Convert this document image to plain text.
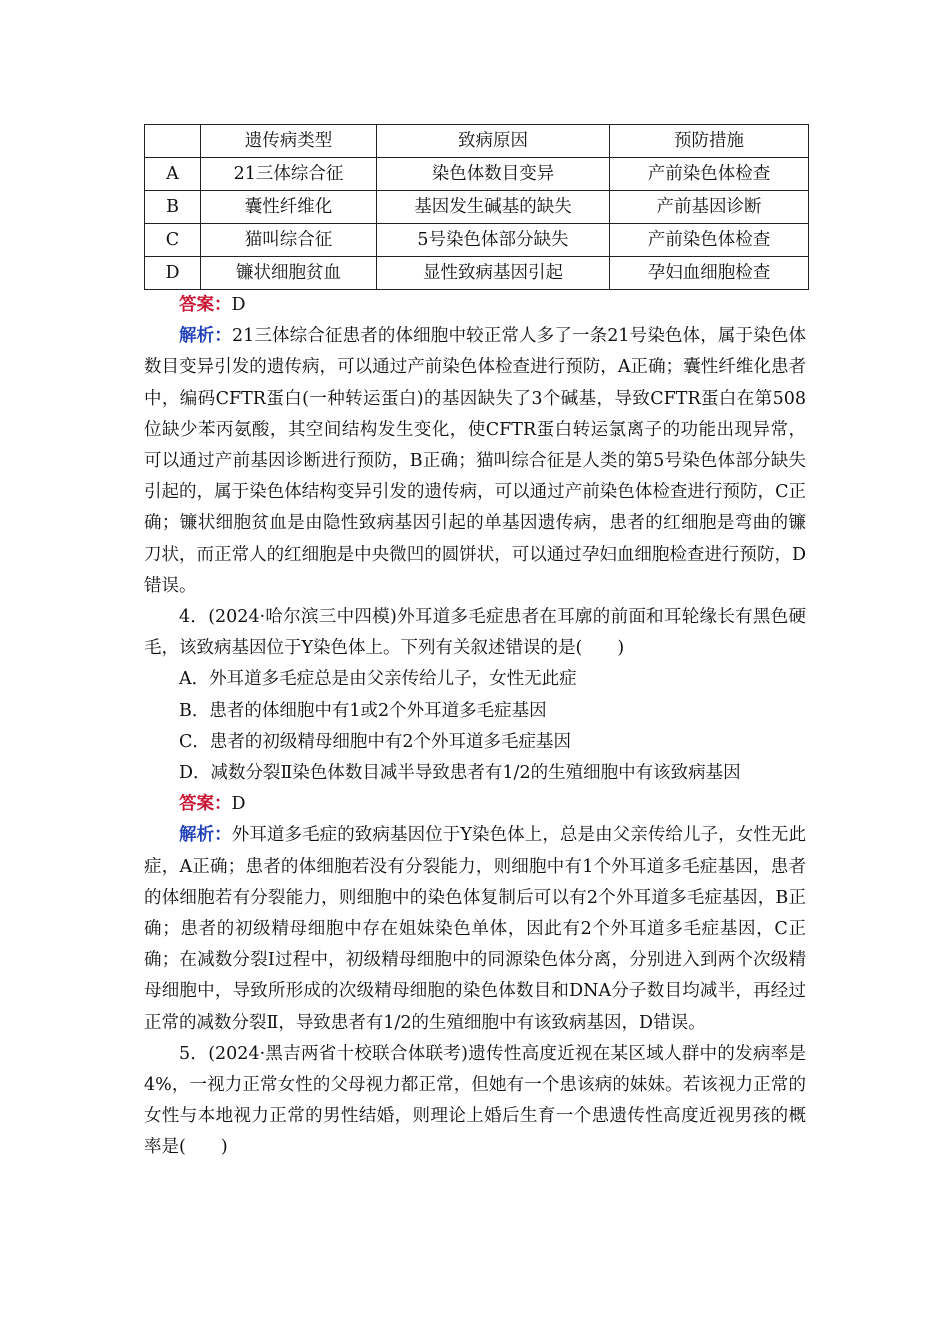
	遗传病类型	致病原因	预防措施
A	21三体综合征	染色体数目变异	产前染色体检查
B	囊性纤维化	基因发生碱基的缺失	产前基因诊断
C	猫叫综合征	5号染色体部分缺失	产前染色体检查
D	镰状细胞贫血	显性致病基因引起	孕妇血细胞检查

答案：D

解析：21三体综合征患者的体细胞中较正常人多了一条21号染色体，属于染色体数目变异引发的遗传病，可以通过产前染色体检查进行预防，A正确；囊性纤维化患者中，编码CFTR蛋白(一种转运蛋白)的基因缺失了3个碱基，导致CFTR蛋白在第508位缺少苯丙氨酸，其空间结构发生变化，使CFTR蛋白转运氯离子的功能出现异常，可以通过产前基因诊断进行预防，B正确；猫叫综合征是人类的第5号染色体部分缺失引起的，属于染色体结构变异引发的遗传病，可以通过产前染色体检查进行预防，C正确；镰状细胞贫血是由隐性致病基因引起的单基因遗传病，患者的红细胞是弯曲的镰刀状，而正常人的红细胞是中央微凹的圆饼状，可以通过孕妇血细胞检查进行预防，D错误。

4．(2024·哈尔滨三中四模)外耳道多毛症患者在耳廓的前面和耳轮缘长有黑色硬毛，该致病基因位于Y染色体上。下列有关叙述错误的是(　　)

A．外耳道多毛症总是由父亲传给儿子，女性无此症

B．患者的体细胞中有1或2个外耳道多毛症基因

C．患者的初级精母细胞中有2个外耳道多毛症基因

D．减数分裂Ⅱ染色体数目减半导致患者有1/2的生殖细胞中有该致病基因

答案：D

解析：外耳道多毛症的致病基因位于Y染色体上，总是由父亲传给儿子，女性无此症，A正确；患者的体细胞若没有分裂能力，则细胞中有1个外耳道多毛症基因，患者的体细胞若有分裂能力，则细胞中的染色体复制后可以有2个外耳道多毛症基因，B正确；患者的初级精母细胞中存在姐妹染色单体，因此有2个外耳道多毛症基因，C正确；在减数分裂Ⅰ过程中，初级精母细胞中的同源染色体分离，分别进入到两个次级精母细胞中，导致所形成的次级精母细胞的染色体数目和DNA分子数目均减半，再经过正常的减数分裂Ⅱ，导致患者有1/2的生殖细胞中有该致病基因，D错误。

5．(2024·黑吉两省十校联合体联考)遗传性高度近视在某区域人群中的发病率是4%，一视力正常女性的父母视力都正常，但她有一个患该病的妹妹。若该视力正常的女性与本地视力正常的男性结婚，则理论上婚后生育一个患遗传性高度近视男孩的概率是(　　)
